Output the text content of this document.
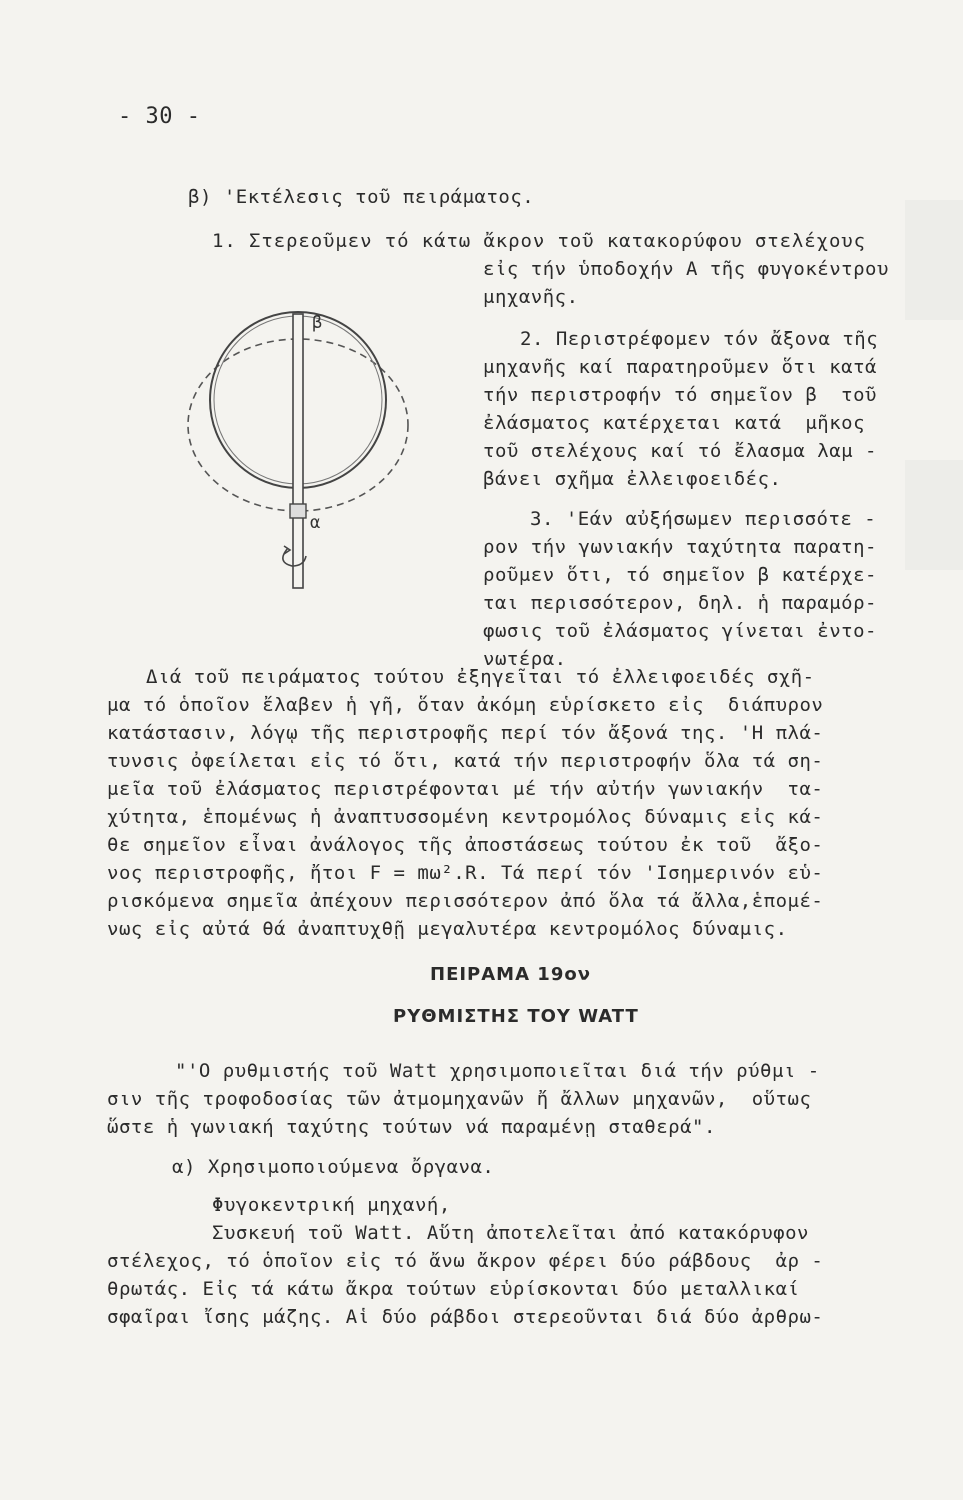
- 30 -
β) 'Εκτέλεσις τοῦ πειράματος.
1. Στερεοῦμεν τό κάτω ἄκρον τοῦ κατακορύφου στελέχους
εἰς τήν ὑποδοχήν Α τῆς φυγοκέντρου
μηχανῆς.
2. Περιστρέφομεν τόν ἄξονα τῆς
μηχανῆς καί παρατηροῦμεν ὅτι κατά
τήν περιστροφήν τό σημεῖον β  τοῦ
ἐλάσματος κατέρχεται κατά  μῆκος
τοῦ στελέχους καί τό ἔλασμα λαμ -
βάνει σχῆμα ἐλλειφοειδές.
3. 'Εάν αὐξήσωμεν περισσότε -
ρον τήν γωνιακήν ταχύτητα παρατη-
ροῦμεν ὅτι, τό σημεῖον β κατέρχε-
ται περισσότερον, δηλ. ἡ παραμόρ-
φωσις τοῦ ἐλάσματος γίνεται ἐντο-
νωτέρα.
β
α
Διά τοῦ πειράματος τούτου ἐξηγεῖται τό ἐλλειφοειδές σχῆ-
μα τό ὁποῖον ἔλαβεν ἡ γῆ, ὅταν ἀκόμη εὑρίσκετο εἰς  διάπυρον
κατάστασιν, λόγῳ τῆς περιστροφῆς περί τόν ἄξονά της. 'Η πλά-
τυνσις ὀφείλεται εἰς τό ὅτι, κατά τήν περιστροφήν ὅλα τά ση-
μεῖα τοῦ ἐλάσματος περιστρέφονται μέ τήν αὐτήν γωνιακήν  τα-
χύτητα, ἑπομένως ἡ ἀναπτυσσομένη κεντρομόλος δύναμις εἰς κά-
θε σημεῖον εἶναι ἀνάλογος τῆς ἀποστάσεως τούτου ἐκ τοῦ  ἄξο-
νος περιστροφῆς, ἤτοι F = mω².R. Τά περί τόν 'Ισημερινόν εὑ-
ρισκόμενα σημεῖα ἀπέχουν περισσότερον ἀπό ὅλα τά ἄλλα,ἑπομέ-
νως εἰς αὐτά θά ἀναπτυχθῇ μεγαλυτέρα κεντρομόλος δύναμις.
ΠΕΙΡΑΜΑ 19ον
ΡΥΘΜΙΣΤΗΣ ΤΟΥ WATT
"'Ο ρυθμιστής τοῦ Watt χρησιμοποιεῖται διά τήν ρύθμι -
σιν τῆς τροφοδοσίας τῶν ἀτμομηχανῶν ἤ ἄλλων μηχανῶν,  οὕτως
ὥστε ἡ γωνιακή ταχύτης τούτων νά παραμένῃ σταθερά".
α) Χρησιμοποιούμενα ὄργανα.
Φυγοκεντρική μηχανή,
Συσκευή τοῦ Watt. Αὕτη ἀποτελεῖται ἀπό κατακόρυφον
στέλεχος, τό ὁποῖον εἰς τό ἄνω ἄκρον φέρει δύο ράβδους  ἀρ -
θρωτάς. Εἰς τά κάτω ἄκρα τούτων εὑρίσκονται δύο μεταλλικαί
σφαῖραι ἴσης μάζης. Αἱ δύο ράβδοι στερεοῦνται διά δύο ἀρθρω-
